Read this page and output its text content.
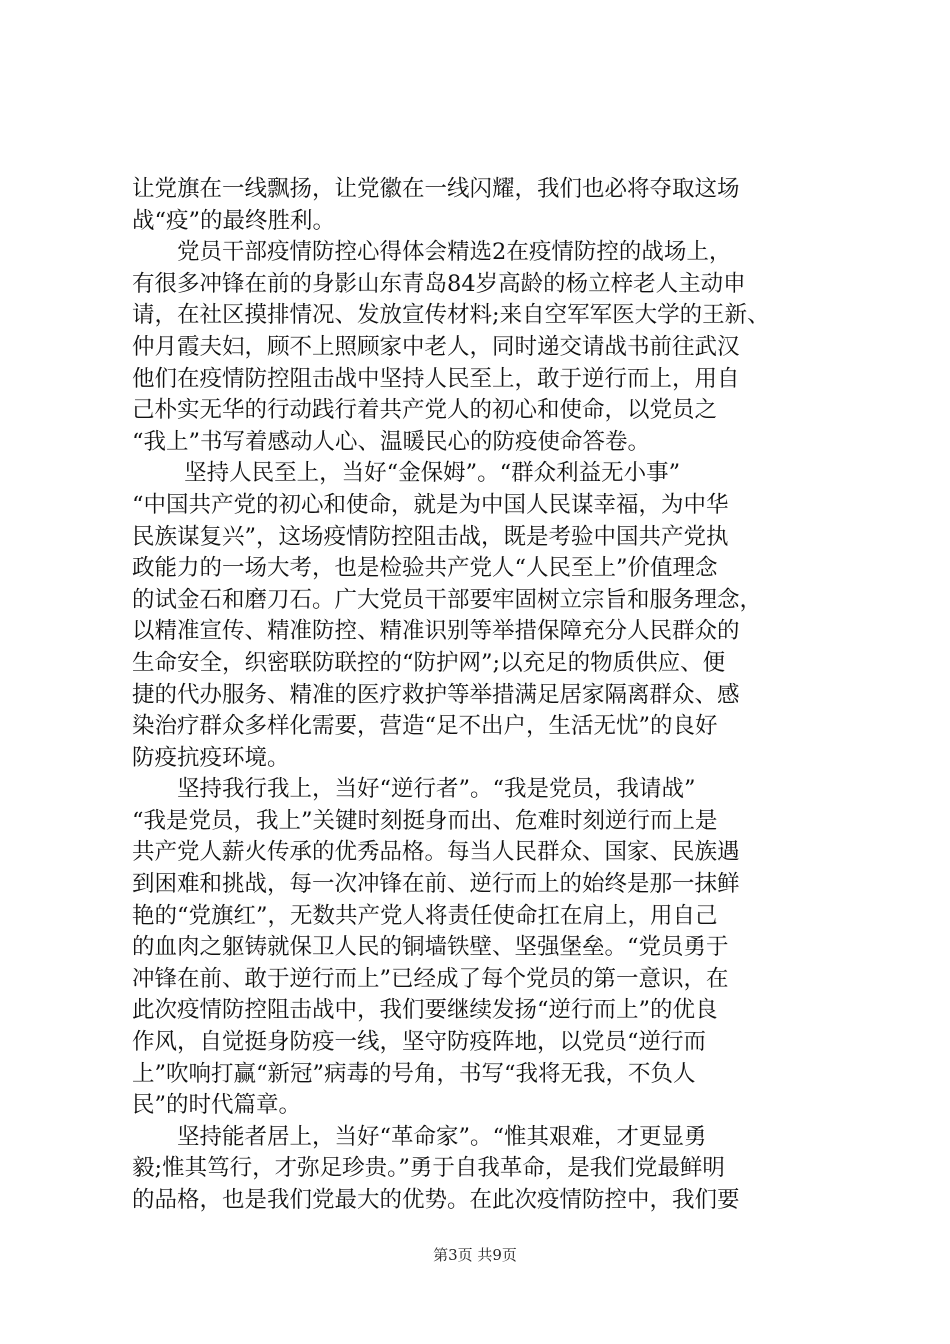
让党旗在一线飘扬，让党徽在一线闪耀，我们也必将夺取这场
战“疫”的最终胜利。
　　党员干部疫情防控心得体会精选2在疫情防控的战场上，
有很多冲锋在前的身影山东青岛84岁高龄的杨立梓老人主动申
请，在社区摸排情况、发放宣传材料;来自空军军医大学的王新、
仲月霞夫妇，顾不上照顾家中老人，同时递交请战书前往武汉
他们在疫情防控阻击战中坚持人民至上，敢于逆行而上，用自
己朴实无华的行动践行着共产党人的初心和使命，以党员之
“我上”书写着感动人心、温暖民心的防疫使命答卷。
　　 坚持人民至上，当好“金保姆”。“群众利益无小事”
“中国共产党的初心和使命，就是为中国人民谋幸福，为中华
民族谋复兴”，这场疫情防控阻击战，既是考验中国共产党执
政能力的一场大考，也是检验共产党人“人民至上”价值理念
的试金石和磨刀石。广大党员干部要牢固树立宗旨和服务理念，
以精准宣传、精准防控、精准识别等举措保障充分人民群众的
生命安全，织密联防联控的“防护网”;以充足的物质供应、便
捷的代办服务、精准的医疗救护等举措满足居家隔离群众、感
染治疗群众多样化需要，营造“足不出户，生活无忧”的良好
防疫抗疫环境。
　　坚持我行我上，当好“逆行者”。“我是党员，我请战”
“我是党员，我上”关键时刻挺身而出、危难时刻逆行而上是
共产党人薪火传承的优秀品格。每当人民群众、国家、民族遇
到困难和挑战，每一次冲锋在前、逆行而上的始终是那一抹鲜
艳的“党旗红”，无数共产党人将责任使命扛在肩上，用自己
的血肉之躯铸就保卫人民的铜墙铁壁、坚强堡垒。“党员勇于
冲锋在前、敢于逆行而上”已经成了每个党员的第一意识，在
此次疫情防控阻击战中，我们要继续发扬“逆行而上”的优良
作风，自觉挺身防疫一线，坚守防疫阵地，以党员“逆行而
上”吹响打赢“新冠”病毒的号角，书写“我将无我，不负人
民”的时代篇章。
　　坚持能者居上，当好“革命家”。“惟其艰难，才更显勇
毅;惟其笃行，才弥足珍贵。”勇于自我革命，是我们党最鲜明
的品格，也是我们党最大的优势。在此次疫情防控中，我们要
第3页 共9页
